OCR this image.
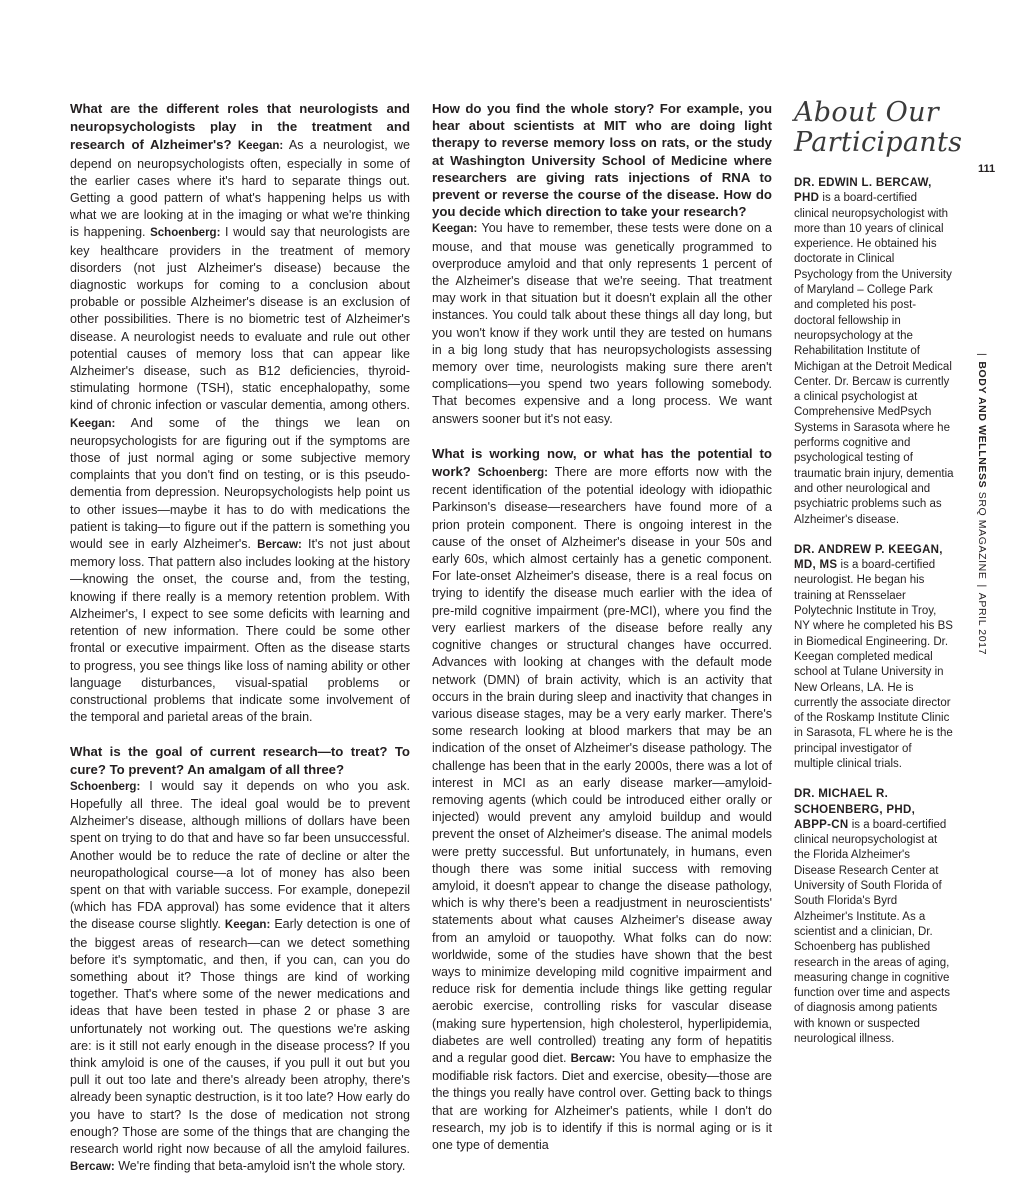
What are the different roles that neurologists and neuropsychologists play in the treatment and research of Alzheimer's? Keegan: As a neurologist, we depend on neuropsychologists often, especially in some of the earlier cases where it's hard to separate things out. Getting a good pattern of what's happening helps us with what we are looking at in the imaging or what we're thinking is happening. Schoenberg: I would say that neurologists are key healthcare providers in the treatment of memory disorders (not just Alzheimer's disease) because the diagnostic workups for coming to a conclusion about probable or possible Alzheimer's disease is an exclusion of other possibilities. There is no biometric test of Alzheimer's disease. A neurologist needs to evaluate and rule out other potential causes of memory loss that can appear like Alzheimer's disease, such as B12 deficiencies, thyroid-stimulating hormone (TSH), static encephalopathy, some kind of chronic infection or vascular dementia, among others. Keegan: And some of the things we lean on neuropsychologists for are figuring out if the symptoms are those of just normal aging or some subjective memory complaints that you don't find on testing, or is this pseudo-dementia from depression. Neuropsychologists help point us to other issues—maybe it has to do with medications the patient is taking—to figure out if the pattern is something you would see in early Alzheimer's. Bercaw: It's not just about memory loss. That pattern also includes looking at the history—knowing the onset, the course and, from the testing, knowing if there really is a memory retention problem. With Alzheimer's, I expect to see some deficits with learning and retention of new information. There could be some other frontal or executive impairment. Often as the disease starts to progress, you see things like loss of naming ability or other language disturbances, visual-spatial problems or constructional problems that indicate some involvement of the temporal and parietal areas of the brain.

What is the goal of current research—to treat? To cure? To prevent? An amalgam of all three?
Schoenberg: I would say it depends on who you ask. Hopefully all three. The ideal goal would be to prevent Alzheimer's disease, although millions of dollars have been spent on trying to do that and have so far been unsuccessful. Another would be to reduce the rate of decline or alter the neuropathological course—a lot of money has also been spent on that with variable success. For example, donepezil (which has FDA approval) has some evidence that it alters the disease course slightly. Keegan: Early detection is one of the biggest areas of research—can we detect something before it's symptomatic, and then, if you can, can you do something about it? Those things are kind of working together. That's where some of the newer medications and ideas that have been tested in phase 2 or phase 3 are unfortunately not working out. The questions we're asking are: is it still not early enough in the disease process? If you think amyloid is one of the causes, if you pull it out but you pull it out too late and there's already been atrophy, there's already been synaptic destruction, is it too late? How early do you have to start? Is the dose of medication not strong enough? Those are some of the things that are changing the research world right now because of all the amyloid failures. Bercaw: We're finding that beta-amyloid isn't the whole story.

How do you find the whole story? For example, you hear about scientists at MIT who are doing light therapy to reverse memory loss on rats, or the study at Washington University School of Medicine where researchers are giving rats injections of RNA to prevent or reverse the course of the disease. How do you decide which direction to take your research?
Keegan: You have to remember, these tests were done on a mouse, and that mouse was genetically programmed to overproduce amyloid and that only represents 1 percent of the Alzheimer's disease that we're seeing. That treatment may work in that situation but it doesn't explain all the other instances. You could talk about these things all day long, but you won't know if they work until they are tested on humans in a big long study that has neuropsychologists assessing memory over time, neurologists making sure there aren't complications—you spend two years following somebody. That becomes expensive and a long process. We want answers sooner but it's not easy.

What is working now, or what has the potential to work? Schoenberg: There are more efforts now with the recent identification of the potential ideology with idiopathic Parkinson's disease—researchers have found more of a prion protein component. There is ongoing interest in the cause of the onset of Alzheimer's disease in your 50s and early 60s, which almost certainly has a genetic component. For late-onset Alzheimer's disease, there is a real focus on trying to identify the disease much earlier with the idea of pre-mild cognitive impairment (pre-MCI), where you find the very earliest markers of the disease before really any cognitive changes or structural changes have occurred. Advances with looking at changes with the default mode network (DMN) of brain activity, which is an activity that occurs in the brain during sleep and inactivity that changes in various disease stages, may be a very early marker. There's some research looking at blood markers that may be an indication of the onset of Alzheimer's disease pathology. The challenge has been that in the early 2000s, there was a lot of interest in MCI as an early disease marker—amyloid-removing agents (which could be introduced either orally or injected) would prevent any amyloid buildup and would prevent the onset of Alzheimer's disease. The animal models were pretty successful. But unfortunately, in humans, even though there was some initial success with removing amyloid, it doesn't appear to change the disease pathology, which is why there's been a readjustment in neuroscientists' statements about what causes Alzheimer's disease away from an amyloid or tauopothy. What folks can do now: worldwide, some of the studies have shown that the best ways to minimize developing mild cognitive impairment and reduce risk for dementia include things like getting regular aerobic exercise, controlling risks for vascular disease (making sure hypertension, high cholesterol, hyperlipidemia, diabetes are well controlled) treating any form of hepatitis and a regular good diet. Bercaw: You have to emphasize the modifiable risk factors. Diet and exercise, obesity—those are the things you really have control over. Getting back to things that are working for Alzheimer's patients, while I don't do research, my job is to identify if this is normal aging or is it one type of dementia

About Our
Participants

DR. EDWIN L. BERCAW, PHD is a board-certified clinical neuropsychologist with more than 10 years of clinical experience. He obtained his doctorate in Clinical Psychology from the University of Maryland – College Park and completed his post-doctoral fellowship in neuropsychology at the Rehabilitation Institute of Michigan at the Detroit Medical Center. Dr. Bercaw is currently a clinical psychologist at Comprehensive MedPsych Systems in Sarasota where he performs cognitive and psychological testing of traumatic brain injury, dementia and other neurological and psychiatric problems such as Alzheimer's disease.

DR. ANDREW P. KEEGAN, MD, MS is a board-certified neurologist. He began his training at Rensselaer Polytechnic Institute in Troy, NY where he completed his BS in Biomedical Engineering. Dr. Keegan completed medical school at Tulane University in New Orleans, LA. He is currently the associate director of the Roskamp Institute Clinic in Sarasota, FL where he is the principal investigator of multiple clinical trials.

DR. MICHAEL R. SCHOENBERG, PHD, ABPP-CN is a board-certified clinical neuropsychologist at the Florida Alzheimer's Disease Research Center at University of South Florida of South Florida's Byrd Alzheimer's Institute. As a scientist and a clinician, Dr. Schoenberg has published research in the areas of aging, measuring change in cognitive function over time and aspects of diagnosis among patients with known or suspected neurological illness.

111
|BODY AND WELLNESS SRQ MAGAZINE|APRIL 2017
